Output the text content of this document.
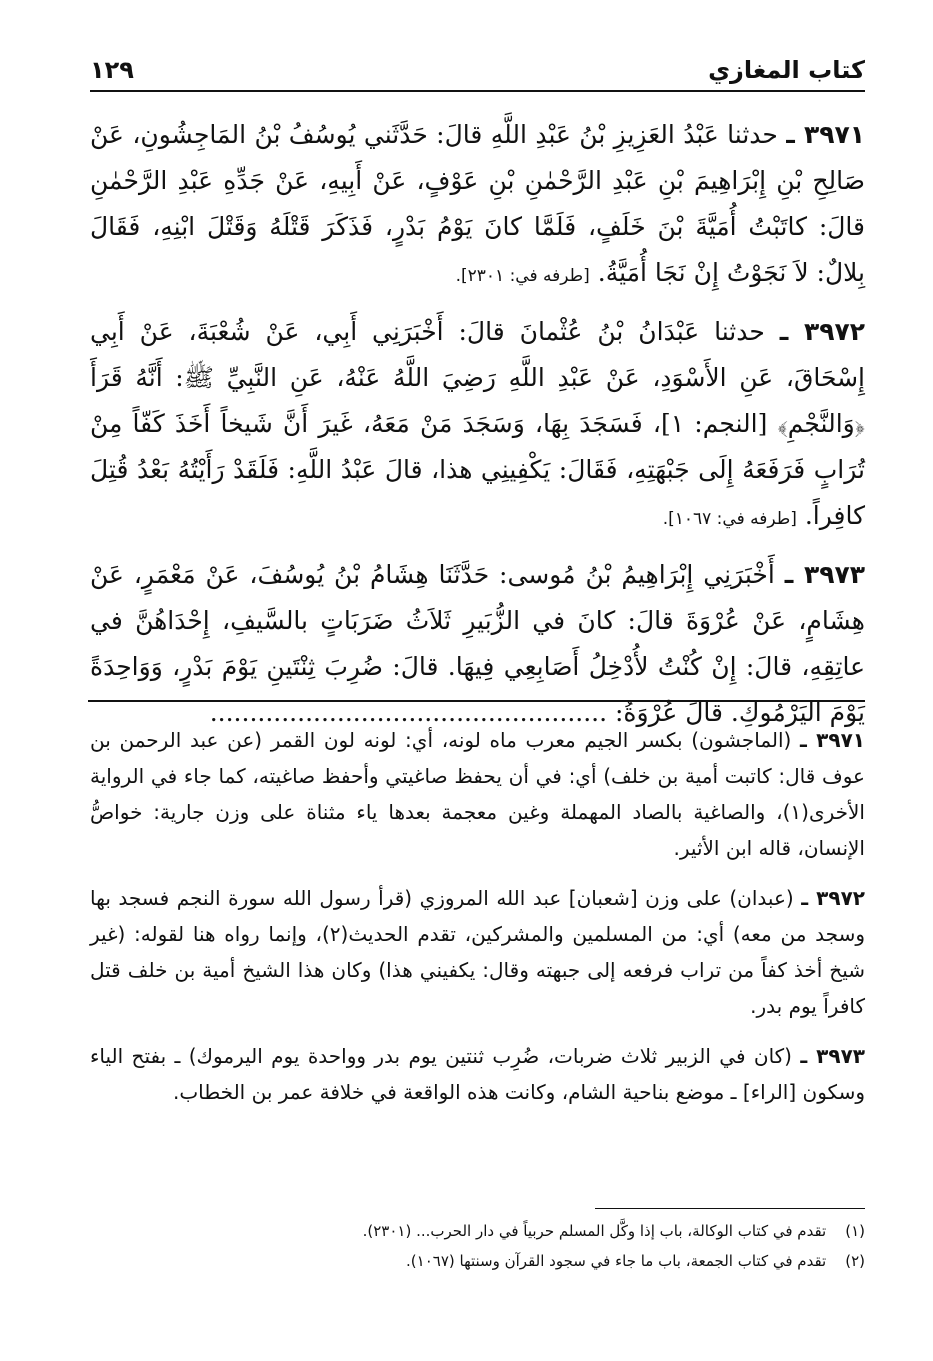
كتاب المغازي
١٢٩

٣٩٧١ ـ حدثنا عَبْدُ العَزِيزِ بْنُ عَبْدِ اللَّهِ قالَ: حَدَّثَني يُوسُفُ بْنُ المَاجِشُونِ، عَنْ صَالِحِ بْنِ إِبْرَاهِيمَ بْنِ عَبْدِ الرَّحْمٰنِ بْنِ عَوْفٍ، عَنْ أَبِيهِ، عَنْ جَدِّهِ عَبْدِ الرَّحْمٰنِ قالَ: كاتَبْتُ أُمَيَّةَ بْنَ خَلَفٍ، فَلَمَّا كانَ يَوْمُ بَدْرٍ، فَذَكَرَ قَتْلَهُ وَقَتْلَ ابْنِهِ، فَقَالَ بِلالٌ: لاَ نَجَوْتُ إِنْ نَجَا أُمَيَّةُ. [طرفه في: ٢٣٠١].

٣٩٧٢ ـ حدثنا عَبْدَانُ بْنُ عُثْمانَ قالَ: أَخْبَرَنِي أَبِي، عَنْ شُعْبَةَ، عَنْ أَبِي إِسْحَاقَ، عَنِ الأَسْوَدِ، عَنْ عَبْدِ اللَّهِ رَضِيَ اللَّهُ عَنْهُ، عَنِ النَّبِيِّ ﷺ: أَنَّهُ قَرَأَ ﴿وَالنَّجْمِ﴾ [النجم: ١]، فَسَجَدَ بِهَا، وَسَجَدَ مَنْ مَعَهُ، غَيرَ أَنَّ شَيخاً أَخَذَ كَفّاً مِنْ تُرَابٍ فَرَفَعَهُ إِلَى جَبْهَتِهِ، فَقَالَ: يَكْفِينِي هذا، قالَ عَبْدُ اللَّهِ: فَلَقَدْ رَأَيْتُهُ بَعْدُ قُتِلَ كافِراً. [طرفه في: ١٠٦٧].

٣٩٧٣ ـ أَخْبَرَنِي إِبْرَاهِيمُ بْنُ مُوسى: حَدَّثَنَا هِشَامُ بْنُ يُوسُفَ، عَنْ مَعْمَرٍ، عَنْ هِشَامٍ، عَنْ عُرْوَةَ قالَ: كانَ في الزُّبَيرِ ثَلاَثُ ضَرَبَاتٍ بالسَّيفِ، إِحْدَاهُنَّ في عاتِقِهِ، قالَ: إِنْ كُنْتُ لأُدْخِلُ أَصَابِعِي فِيهَا. قالَ: ضُرِبَ ثِنْتَينِ يَوْمَ بَدْرٍ، وَوَاحِدَةً يَوْمَ اليَرْمُوكِ. قالَ عُرْوَةُ: ..................................................

٣٩٧١ ـ (الماجشون) بكسر الجيم معرب ماه لونه، أي: لونه لون القمر (عن عبد الرحمن بن عوف قال: كاتبت أمية بن خلف) أي: في أن يحفظ صاغيتي وأحفظ صاغيته، كما جاء في الرواية الأخرى(١)، والصاغية بالصاد المهملة وغين معجمة بعدها ياء مثناة على وزن جارية: خواصُّ الإنسان، قاله ابن الأثير.

٣٩٧٢ ـ (عبدان) على وزن [شعبان] عبد الله المروزي (قرأ رسول الله سورة النجم فسجد بها وسجد من معه) أي: من المسلمين والمشركين، تقدم الحديث(٢)، وإنما رواه هنا لقوله: (غير شيخ أخذ كفاً من تراب فرفعه إلى جبهته وقال: يكفيني هذا) وكان هذا الشيخ أمية بن خلف قتل كافراً يوم بدر.

٣٩٧٣ ـ (كان في الزبير ثلاث ضربات، ضُرِب ثنتين يوم بدر وواحدة يوم اليرموك) ـ بفتح الياء وسكون [الراء] ـ موضع بناحية الشام، وكانت هذه الواقعة في خلافة عمر بن الخطاب.

(١) تقدم في كتاب الوكالة، باب إذا وكَّل المسلم حربياً في دار الحرب... (٢٣٠١).

(٢) تقدم في كتاب الجمعة، باب ما جاء في سجود القرآن وسنتها (١٠٦٧).
